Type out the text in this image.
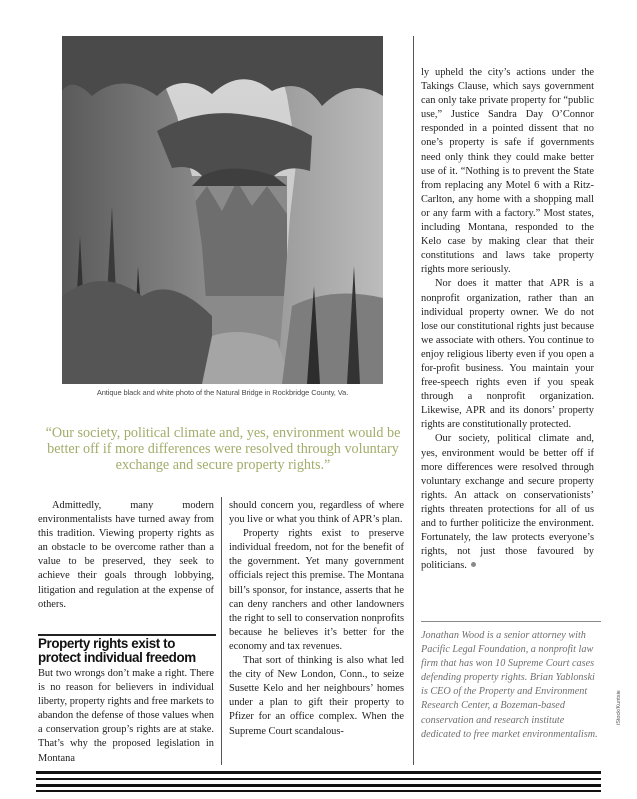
Antique black and white photo of the Natural Bridge in Rockbridge County, Va.
“Our society, political climate and, yes, environment would be better off if more differences were resolved through voluntary exchange and secure property rights.”

Admittedly, many modern environmentalists have turned away from this tradition. Viewing property rights as an obstacle to be overcome rather than a value to be preserved, they seek to achieve their goals through lobbying, litigation and regulation at the expense of others.

Property rights exist to protect individual freedom

But two wrongs don’t make a right. There is no reason for believers in individual liberty, property rights and free markets to abandon the defense of those values when a conservation group’s rights are at stake. That’s why the proposed legislation in Montana

should concern you, regardless of where you live or what you think of APR’s plan.

Property rights exist to preserve individual freedom, not for the benefit of the government. Yet many government officials reject this premise. The Montana bill’s sponsor, for instance, asserts that he can deny ranchers and other landowners the right to sell to conservation nonprofits because he believes it’s better for the economy and tax revenues.

That sort of thinking is also what led the city of New London, Conn., to seize Susette Kelo and her neighbours’ homes under a plan to gift their property to Pfizer for an office complex. When the Supreme Court scandalous-

ly upheld the city’s actions under the Takings Clause, which says government can only take private property for “public use,” Justice Sandra Day O’Connor responded in a pointed dissent that no one’s property is safe if governments need only think they could make better use of it. “Nothing is to prevent the State from replacing any Motel 6 with a Ritz-Carlton, any home with a shopping mall or any farm with a factory.” Most states, including Montana, responded to the Kelo case by making clear that their constitutions and laws take property rights more seriously.

Nor does it matter that APR is a nonprofit organization, rather than an individual property owner. We do not lose our constitutional rights just because we associate with others. You continue to enjoy religious liberty even if you open a for-profit business. You maintain your free-speech rights even if you speak through a nonprofit organization. Likewise, APR and its donors’ property rights are constitutionally protected.

Our society, political climate and, yes, environment would be better off if more differences were resolved through voluntary exchange and secure property rights. An attack on conservationists’ rights threaten protections for all of us and to further politicize the environment. Fortunately, the law protects everyone’s rights, not just those favoured by politicians.

Jonathan Wood is a senior attorney with Pacific Legal Foundation, a nonprofit law firm that has won 10 Supreme Court cases defending property rights. Brian Yablonski is CEO of the Property and Environment Research Center, a Bozeman-based conservation and research institute dedicated to free market environmentalism.
iStock/Kuntsie
